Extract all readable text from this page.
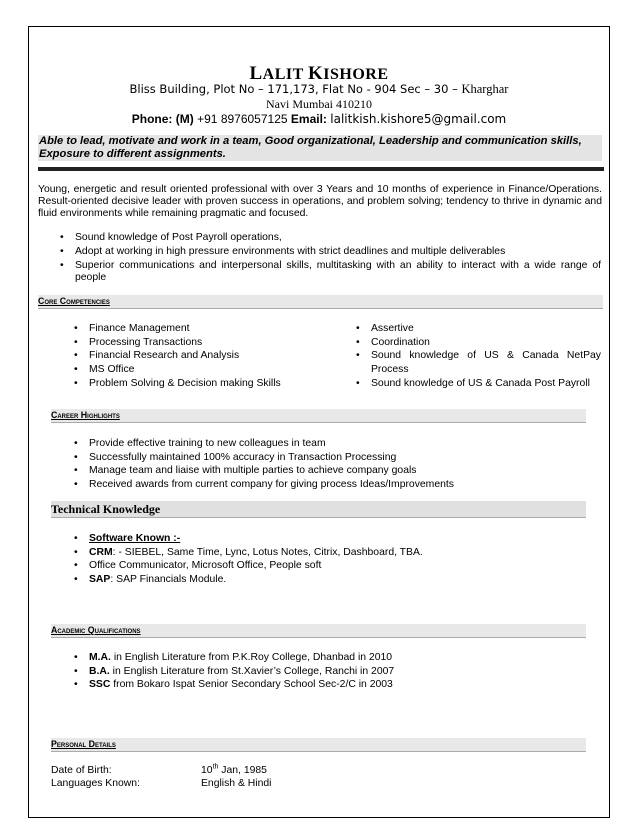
LALIT KISHORE
Bliss Building, Plot No – 171,173, Flat No - 904 Sec – 30 – Kharghar
Navi Mumbai 410210
Phone: (M) +91 8976057125 Email: lalitkish.kishore5@gmail.com
Able to lead, motivate and work in a team, Good organizational, Leadership and communication skills, Exposure to different assignments.
Young, energetic and result oriented professional with over 3 Years and 10 months of experience in Finance/Operations. Result-oriented decisive leader with proven success in operations, and problem solving; tendency to thrive in dynamic and fluid environments while remaining pragmatic and focused.
• Sound knowledge of Post Payroll operations,
• Adopt at working in high pressure environments with strict deadlines and multiple deliverables
• Superior communications and interpersonal skills, multitasking with an ability to interact with a wide range of people
Core Competencies
• Finance Management
• Processing Transactions
• Financial Research and Analysis
• MS Office
• Problem Solving & Decision making Skills
• Assertive
• Coordination
• Sound knowledge of US & Canada NetPay Process
• Sound knowledge of US & Canada Post Payroll
Career Highlights
• Provide effective training to new colleagues in team
• Successfully maintained 100% accuracy in Transaction Processing
• Manage team and liaise with multiple parties to achieve company goals
• Received awards from current company for giving process Ideas/Improvements
Technical Knowledge
• Software Known :-
• CRM: - SIEBEL, Same Time, Lync, Lotus Notes, Citrix, Dashboard, TBA.
• Office Communicator, Microsoft Office, People soft
• SAP: SAP Financials Module.
Academic Qualifications
• M.A. in English Literature from P.K.Roy College, Dhanbad in 2010
• B.A. in English Literature from St.Xavier’s College, Ranchi in 2007
• SSC from Bokaro Ispat Senior Secondary School Sec-2/C in 2003
Personal Details
Date of Birth:	10th Jan, 1985
Languages Known:	English & Hindi
